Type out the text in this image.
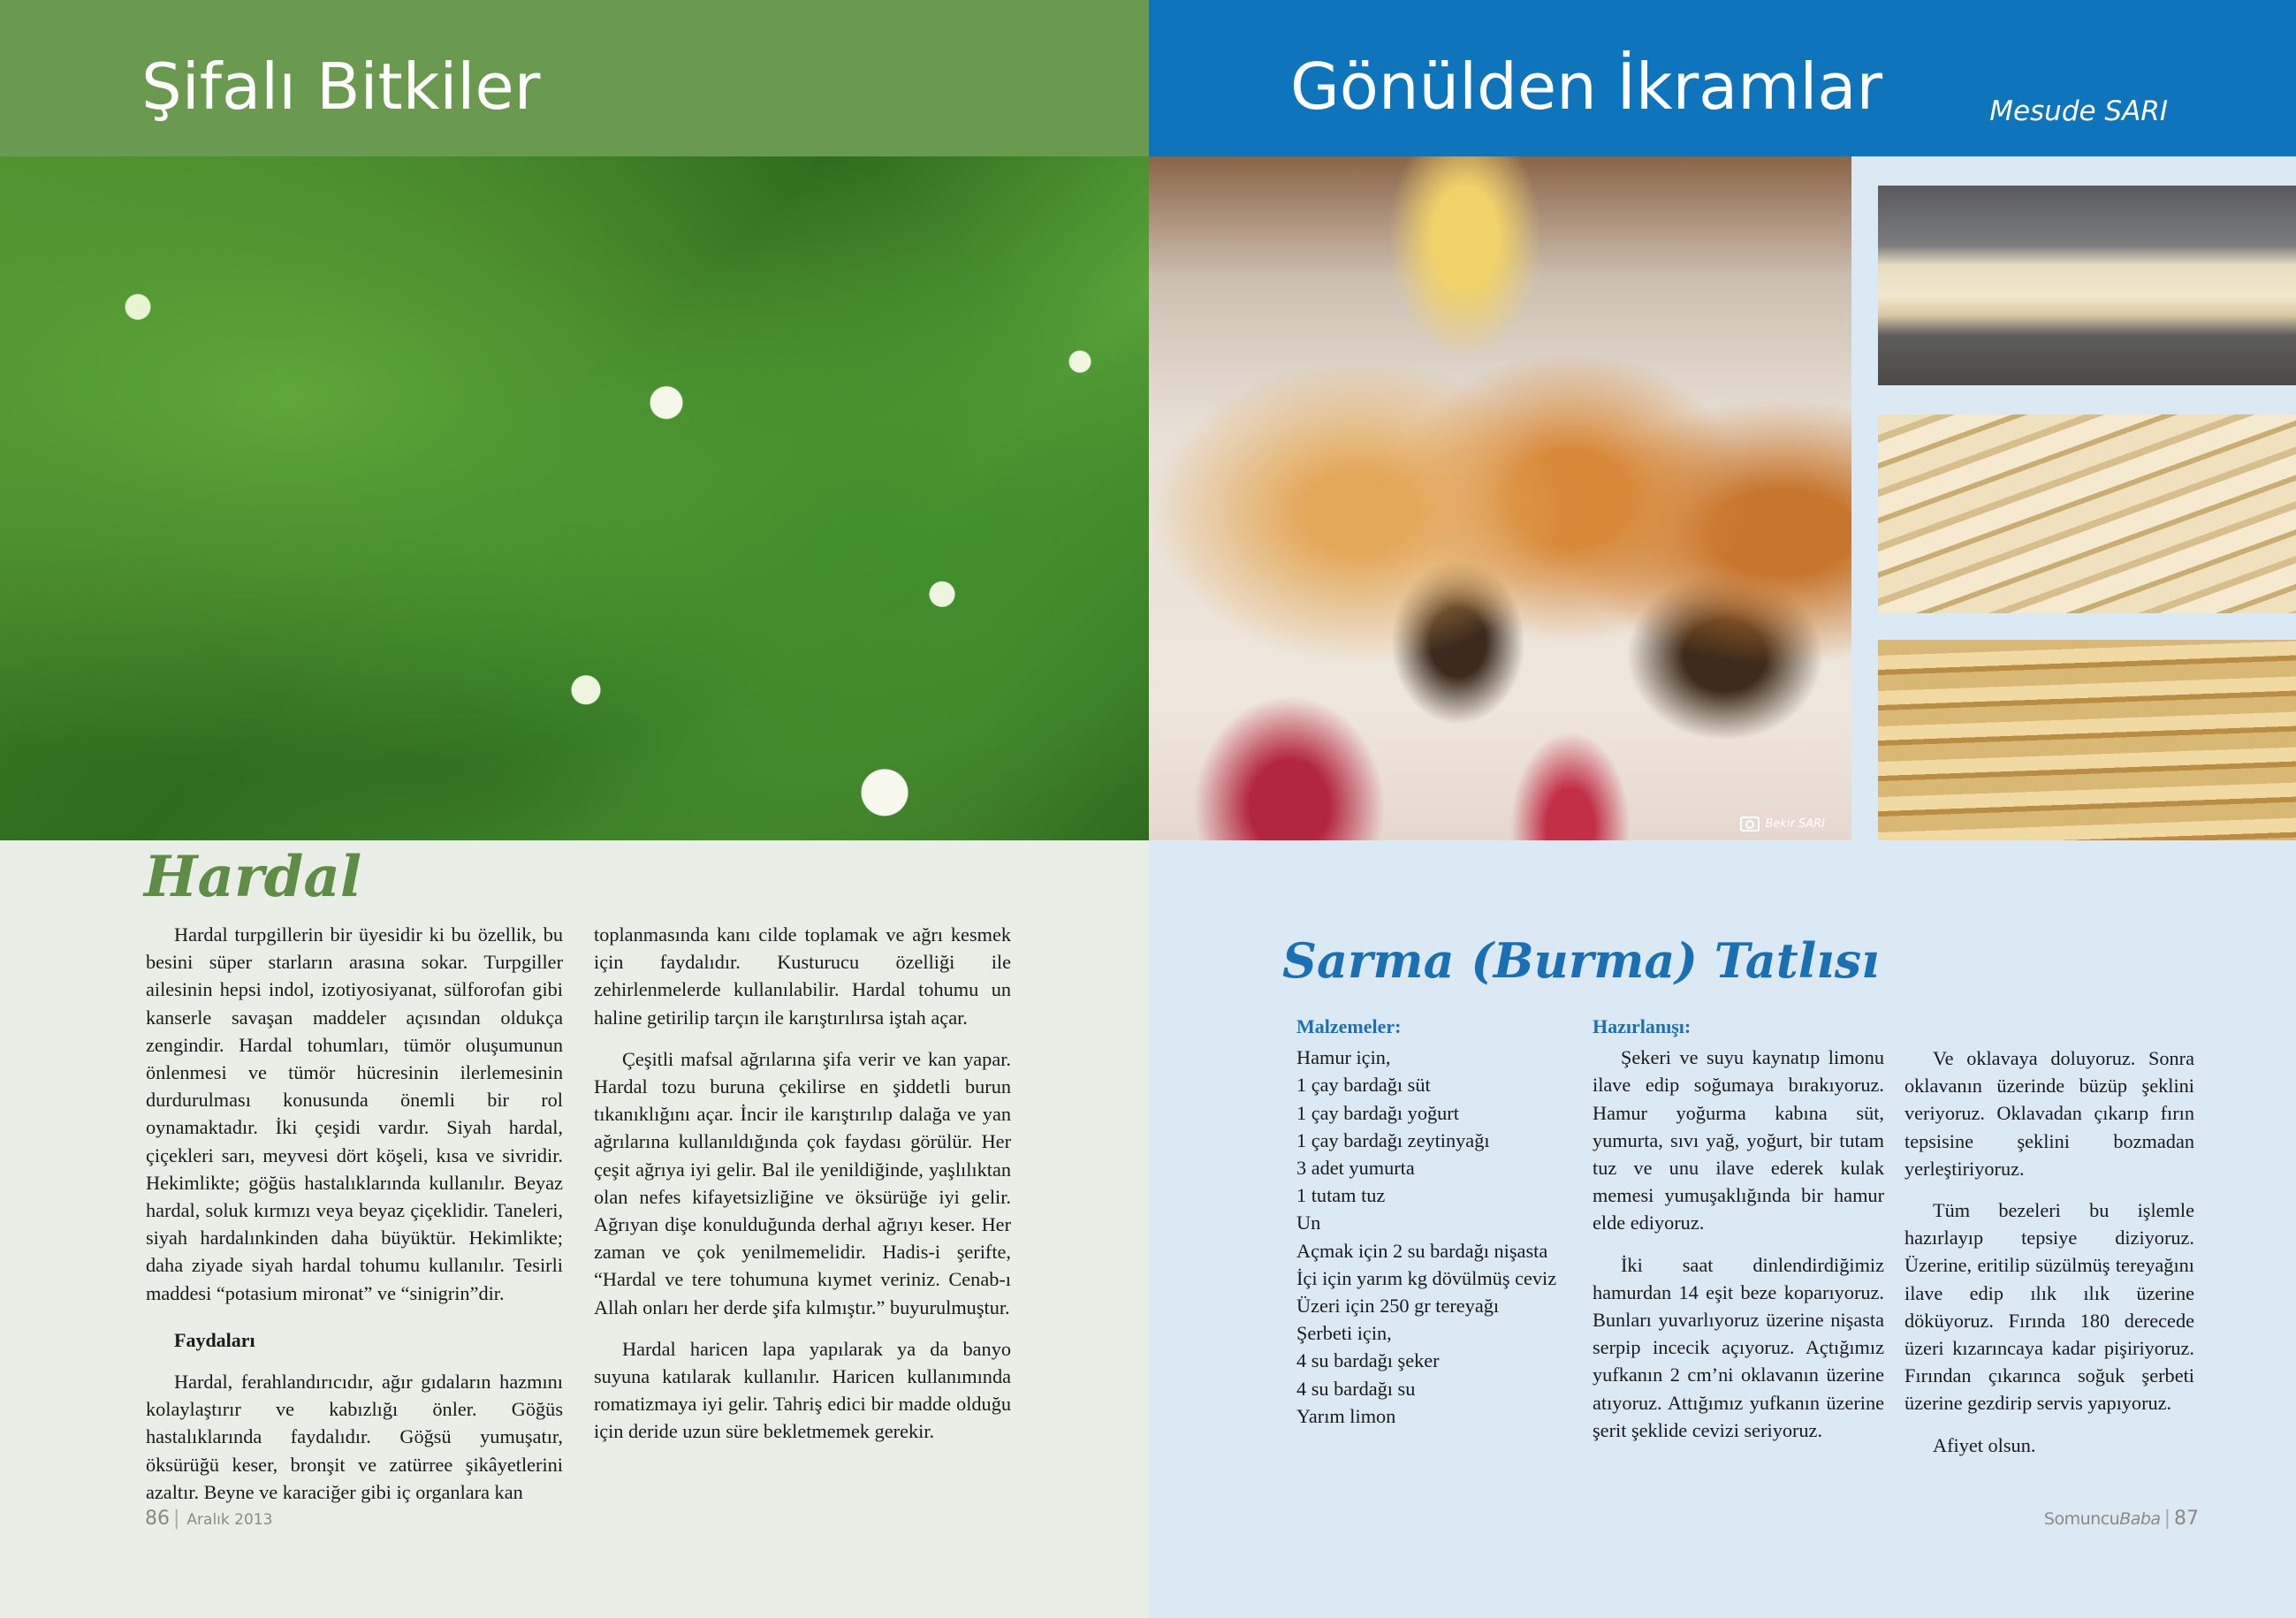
Şifalı Bitkiler
Hardal

Hardal turpgillerin bir üyesidir ki bu özellik, bu besini süper starların arasına sokar. Turpgiller ailesinin hepsi indol, izotiyosiyanat, sülforofan gibi kanserle savaşan maddeler açısından oldukça zengindir. Hardal tohumları, tümör oluşumunun önlenmesi ve tümör hücresinin ilerlemesinin durdurulması konusunda önemli bir rol oynamaktadır. İki çeşidi vardır. Siyah hardal, çiçekleri sarı, meyvesi dört köşeli, kısa ve sivridir. Hekimlikte; göğüs hastalıklarında kullanılır. Beyaz hardal, soluk kırmızı veya beyaz çiçeklidir. Taneleri, siyah hardalınkinden daha büyüktür. Hekimlikte; daha ziyade siyah hardal tohumu kullanılır. Tesirli maddesi “potasium mironat” ve “sinigrin”dir.

Faydaları

Hardal, ferahlandırıcıdır, ağır gıdaların hazmını kolaylaştırır ve kabızlığı önler. Göğüs hastalıklarında faydalıdır. Göğsü yumuşatır, öksürüğü keser, bronşit ve zatürree şikâyetlerini azaltır. Beyne ve karaciğer gibi iç organlara kan

toplanmasında kanı cilde toplamak ve ağrı kesmek için faydalıdır. Kusturucu özelliği ile zehirlenmelerde kullanılabilir. Hardal tohumu un haline getirilip tarçın ile karıştırılırsa iştah açar.

Çeşitli mafsal ağrılarına şifa verir ve kan yapar. Hardal tozu buruna çekilirse en şiddetli burun tıkanıklığını açar. İncir ile karıştırılıp dalağa ve yan ağrılarına kullanıldığında çok faydası görülür. Her çeşit ağrıya iyi gelir. Bal ile yenildiğinde, yaşlılıktan olan nefes kifayetsizliğine ve öksürüğe iyi gelir. Ağrıyan dişe konulduğunda derhal ağrıyı keser. Her zaman ve çok yenilmemelidir. Hadis-i şerifte, “Hardal ve tere tohumuna kıymet veriniz. Cenab-ı Allah onları her derde şifa kılmıştır.” buyurulmuştur.

Hardal haricen lapa yapılarak ya da banyo suyuna katılarak kullanılır. Haricen kullanımında romatizmaya iyi gelir. Tahriş edici bir madde olduğu için deride uzun süre bekletmemek gerekir.

86 | Aralık 2013
Gönülden İkramlar	Mesude SARI
Bekir SARI
Sarma (Burma) Tatlısı
Malzemeler:
Hamur için,
1 çay bardağı süt
1 çay bardağı yoğurt
1 çay bardağı zeytinyağı
3 adet yumurta
1 tutam tuz
Un
Açmak için 2 su bardağı nişasta
İçi için yarım kg dövülmüş ceviz
Üzeri için 250 gr tereyağı
Şerbeti için,
4 su bardağı şeker
4 su bardağı su
Yarım limon
Hazırlanışı:

Şekeri ve suyu kaynatıp limonu ilave edip soğumaya bırakıyoruz. Hamur yoğurma kabına süt, yumurta, sıvı yağ, yoğurt, bir tutam tuz ve unu ilave ederek kulak memesi yumuşaklığında bir hamur elde ediyoruz.

İki saat dinlendirdiğimiz hamurdan 14 eşit beze koparıyoruz. Bunları yuvarlıyoruz üzerine nişasta serpip incecik açıyoruz. Açtığımız yufkanın 2 cm’ni oklavanın üzerine atıyoruz. Attığımız yufkanın üzerine şerit şeklide cevizi seriyoruz.

Ve oklavaya doluyoruz. Sonra oklavanın üzerinde büzüp şeklini veriyoruz. Oklavadan çıkarıp fırın tepsisine şeklini bozmadan yerleştiriyoruz.

Tüm bezeleri bu işlemle hazırlayıp tepsiye diziyoruz. Üzerine, eritilip süzülmüş tereyağını ilave edip ılık ılık üzerine döküyoruz. Fırında 180 derecede üzeri kızarıncaya kadar pişiriyoruz. Fırından çıkarınca soğuk şerbeti üzerine gezdirip servis yapıyoruz.

Afiyet olsun.

SomuncuBaba | 87
